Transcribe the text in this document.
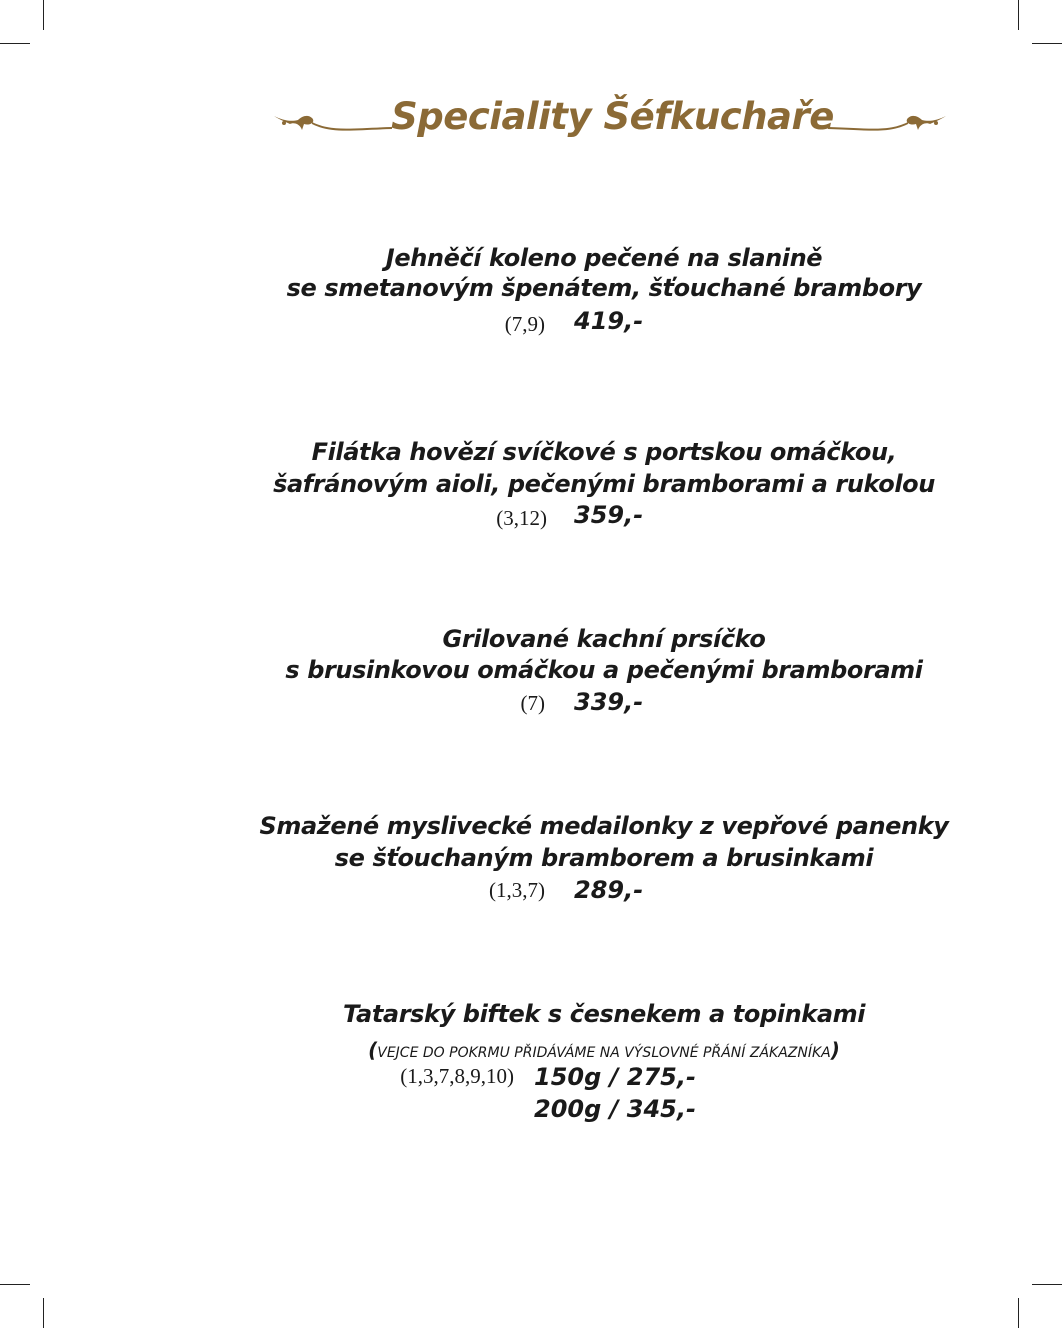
Speciality Šéfkuchaře
Jehněčí koleno pečené na slanině
se smetanovým špenátem, šťouchané brambory
(7,9) 419,-
Filátka hovězí svíčkové s portskou omáčkou,
šafránovým aioli, pečenými bramborami a rukolou
(3,12) 359,-
Grilované kachní prsíčko
s brusinkovou omáčkou a pečenými bramborami
(7) 339,-
Smažené myslivecké medailonky z vepřové panenky
se šťouchaným bramborem a brusinkami
(1,3,7) 289,-
Tatarský biftek s česnekem a topinkami
(VEJCE DO POKRMU PŘIDÁVÁME NA VÝSLOVNÉ PŘÁNÍ ZÁKAZNÍKA)
(1,3,7,8,9,10) 150g / 275,-
200g / 345,-
